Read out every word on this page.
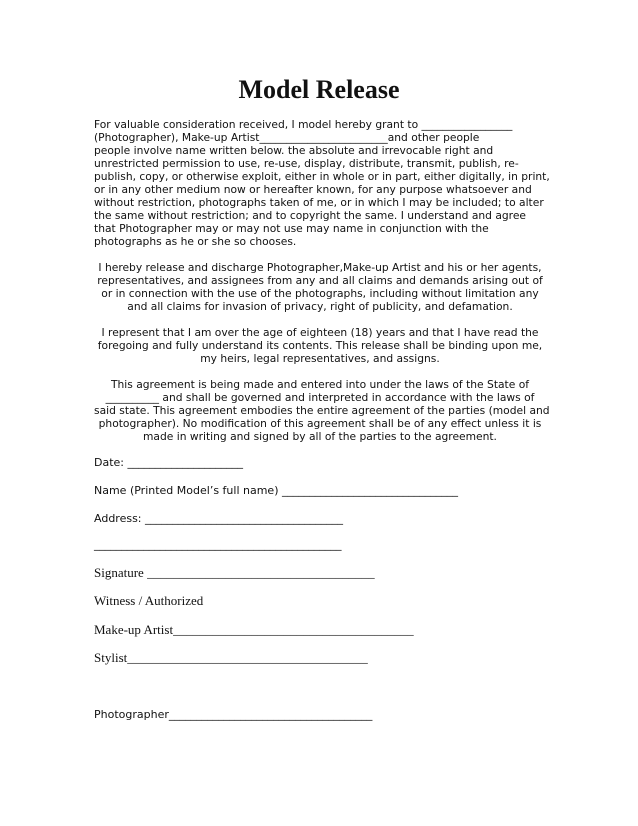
Model Release
For valuable consideration received, I model hereby grant to _________________
(Photographer), Make-up Artist________________________and other people
people involve name written below. the absolute and irrevocable right and
unrestricted permission to use, re-use, display, distribute, transmit, publish, re-
publish, copy, or otherwise exploit, either in whole or in part, either digitally, in print,
or in any other medium now or hereafter known, for any purpose whatsoever and
without restriction, photographs taken of me, or in which I may be included; to alter
the same without restriction; and to copyright the same. I understand and agree
that Photographer may or may not use may name in conjunction with the
photographs as he or she so chooses.
I hereby release and discharge Photographer,Make-up Artist and his or her agents,
representatives, and assignees from any and all claims and demands arising out of
or in connection with the use of the photographs, including without limitation any
and all claims for invasion of privacy, right of publicity, and defamation.
I represent that I am over the age of eighteen (18) years and that I have read the
foregoing and fully understand its contents. This release shall be binding upon me,
my heirs, legal representatives, and assigns.
This agreement is being made and entered into under the laws of the State of
__________ and shall be governed and interpreted in accordance with the laws of
said state. This agreement embodies the entire agreement of the parties (model and
photographer). No modification of this agreement shall be of any effect unless it is
made in writing and signed by all of the parties to the agreement.
Date: _____________________
Name (Printed Model’s full name) ________________________________
Address: ____________________________________
_____________________________________________
Signature ___________________________________
Witness / Authorized
Make-up Artist_____________________________________
Stylist_____________________________________
Photographer_____________________________________
